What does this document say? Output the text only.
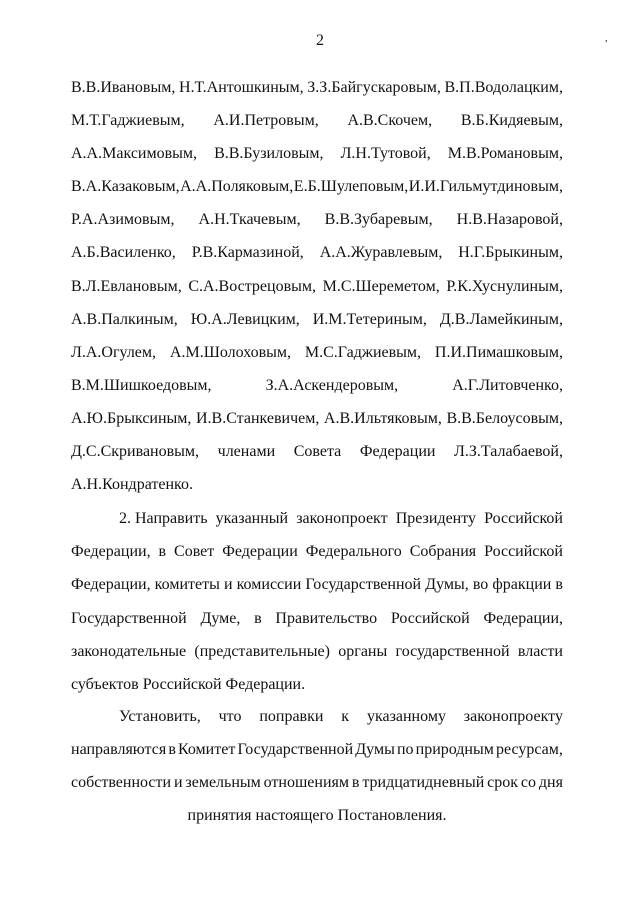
2	,
В.В.Ивановым, Н.Т.Антошкиным, З.З.Байгускаровым, В.П.Водолацким,
М.Т.Гаджиевым, А.И.Петровым, А.В.Скочем, В.Б.Кидяевым,
А.А.Максимовым, В.В.Бузиловым, Л.Н.Тутовой, М.В.Романовым,
В.А.Казаковым, А.А.Поляковым, Е.Б.Шулеповым, И.И.Гильмутдиновым,
Р.А.Азимовым, А.Н.Ткачевым, В.В.Зубаревым, Н.В.Назаровой,
А.Б.Василенко, Р.В.Кармазиной, А.А.Журавлевым, Н.Г.Брыкиным,
В.Л.Евлановым, С.А.Вострецовым, М.С.Шереметом, Р.К.Хуснулиным,
А.В.Палкиным, Ю.А.Левицким, И.М.Тетериным, Д.В.Ламейкиным,
Л.А.Огулем, А.М.Шолоховым, М.С.Гаджиевым, П.И.Пимашковым,
В.М.Шишкоедовым,	З.А.Аскендеровым,	А.Г.Литовченко,
А.Ю.Брыксиным, И.В.Станкевичем, А.В.Ильтяковым, В.В.Белоусовым,
Д.С.Скривановым, членами Совета Федерации Л.З.Талабаевой,
А.Н.Кондратенко.
2. Направить указанный законопроект Президенту Российской
Федерации, в Совет Федерации Федерального Собрания Российской
Федерации, комитеты и комиссии Государственной Думы, во фракции в
Государственной Думе, в Правительство Российской Федерации,
законодательные (представительные) органы государственной власти
субъектов Российской Федерации.
Установить, что поправки к указанному законопроекту
направляются в Комитет Государственной Думы по природным ресурсам,
собственности и земельным отношениям в тридцатидневный срок со дня
принятия настоящего Постановления.
